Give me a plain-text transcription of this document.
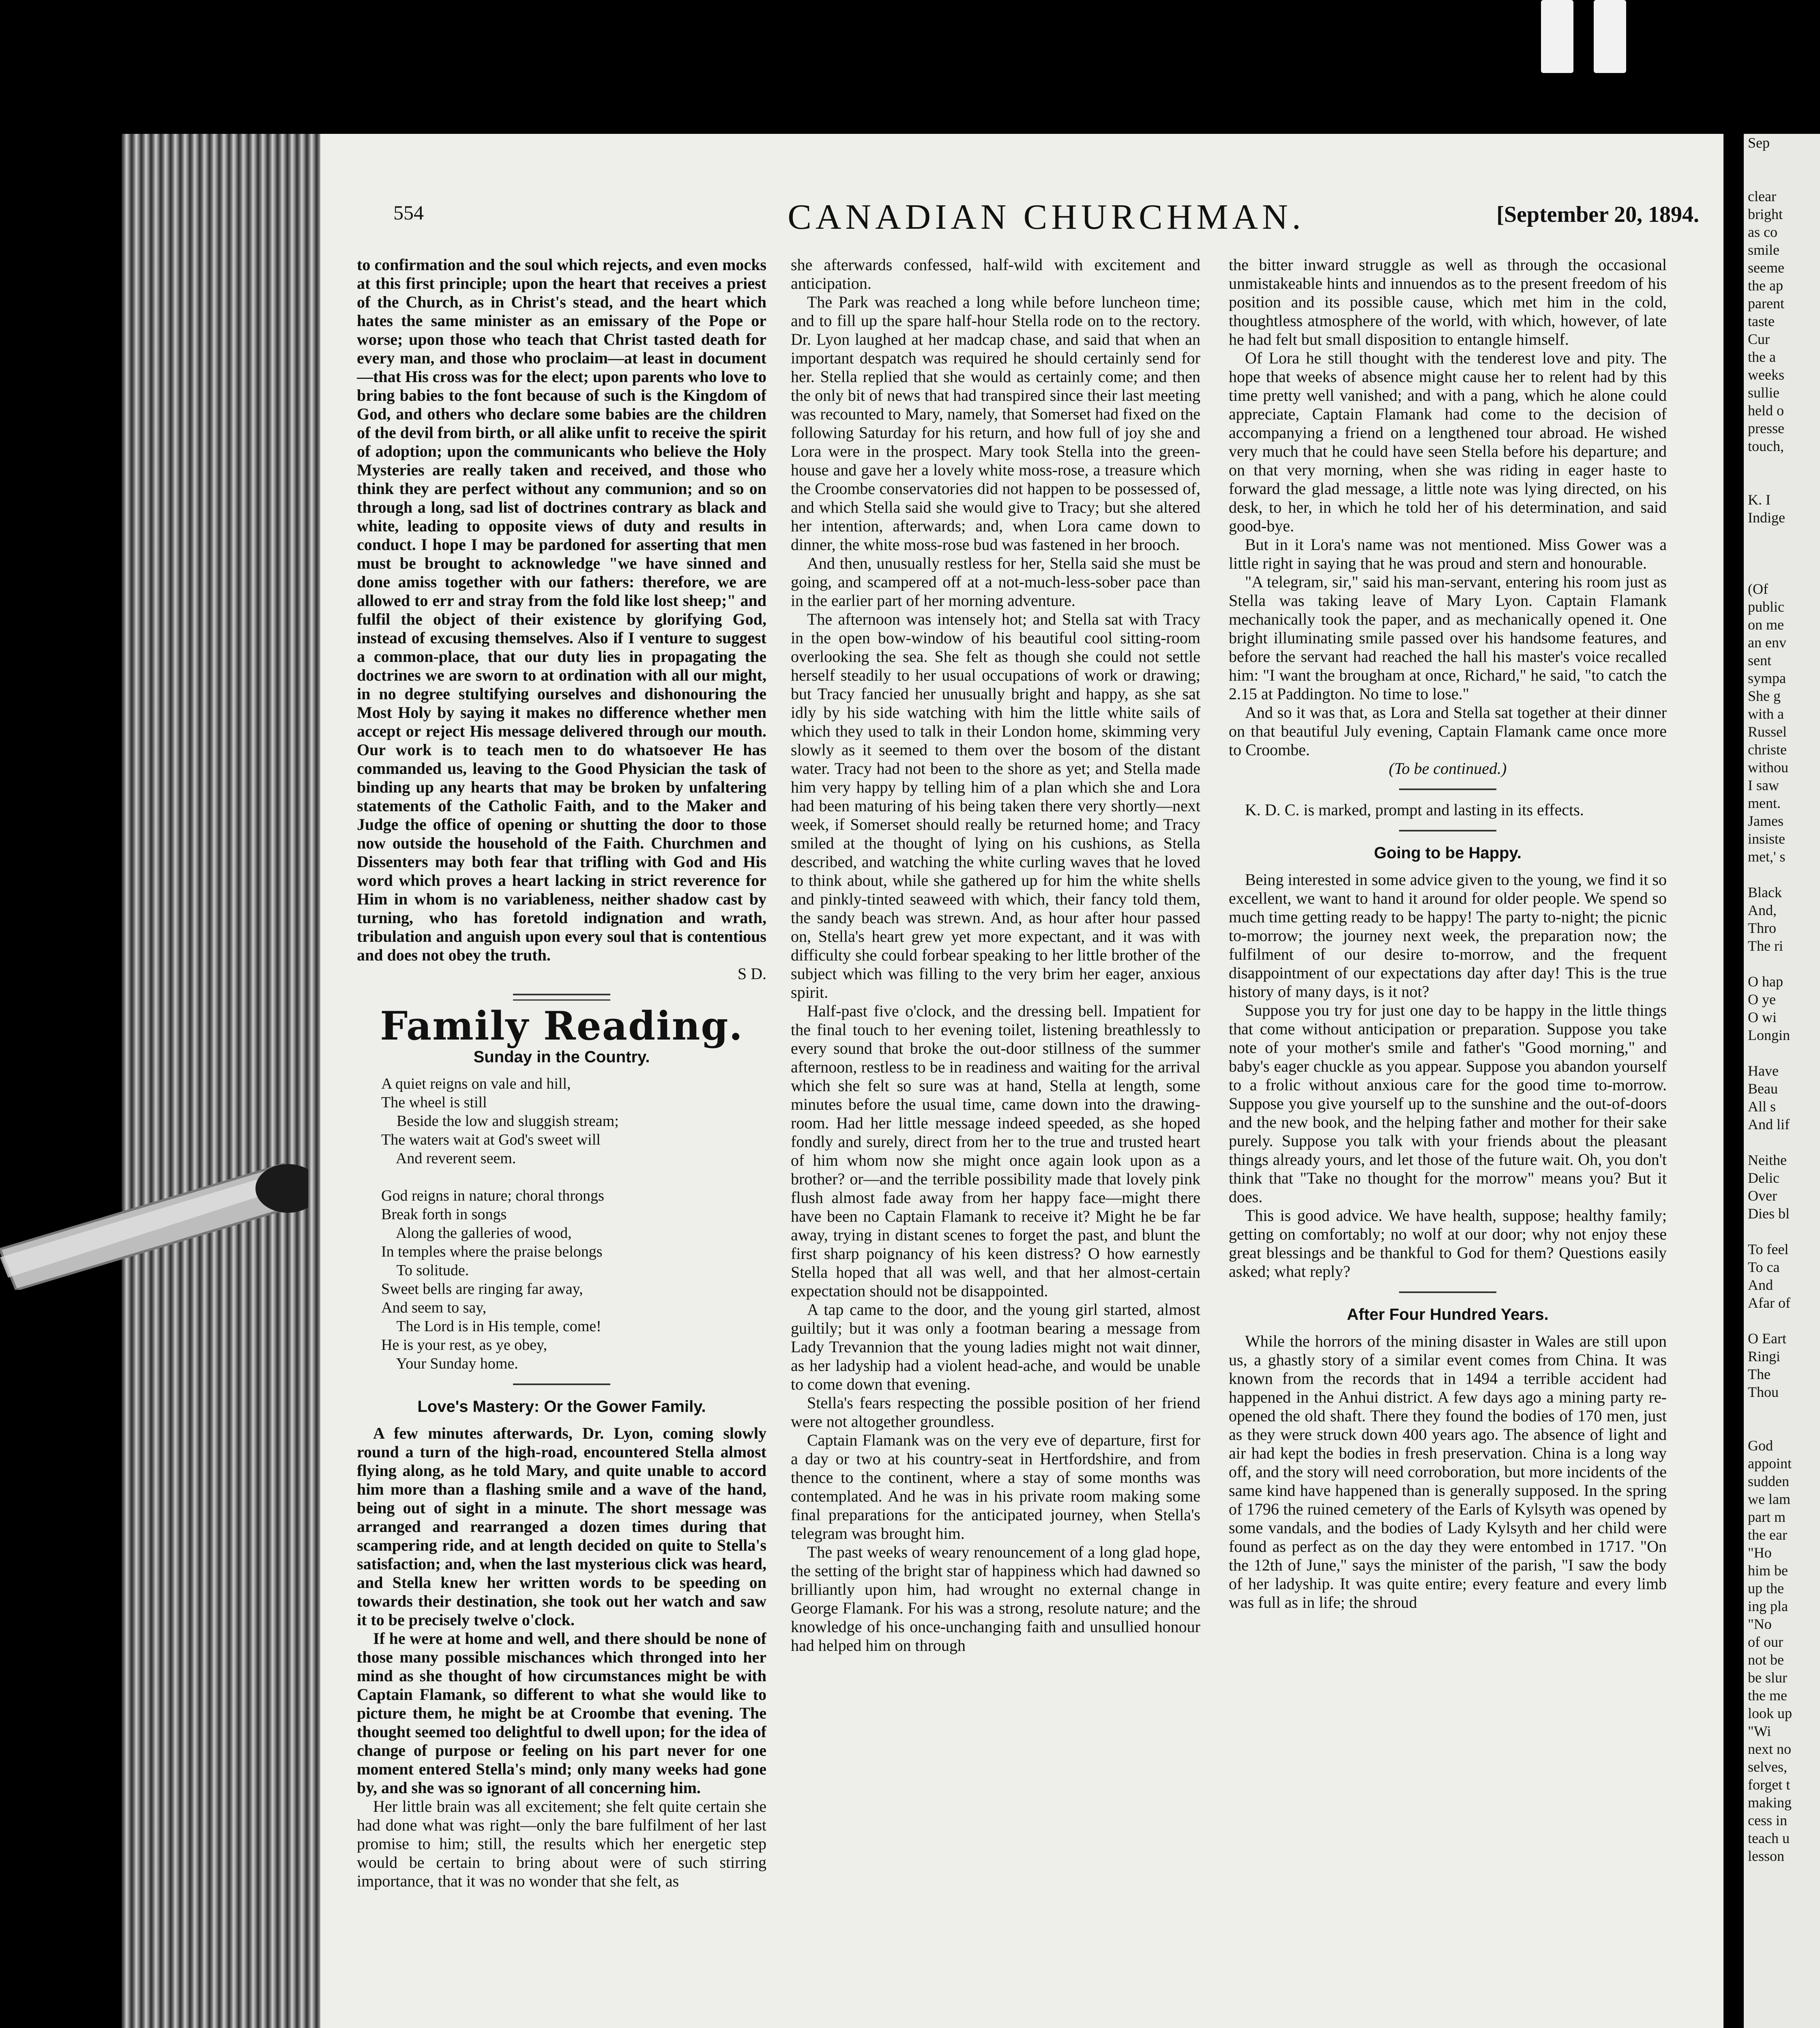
554	CANADIAN CHURCHMAN.	[September 20, 1894.

to confirmation and the soul which rejects, and even mocks at this first principle; upon the heart that receives a priest of the Church, as in Christ's stead, and the heart which hates the same minister as an emissary of the Pope or worse; upon those who teach that Christ tasted death for every man, and those who proclaim—at least in document—that His cross was for the elect; upon parents who love to bring babies to the font because of such is the Kingdom of God, and others who declare some babies are the children of the devil from birth, or all alike unfit to receive the spirit of adoption; upon the communicants who believe the Holy Mysteries are really taken and received, and those who think they are perfect without any communion; and so on through a long, sad list of doctrines contrary as black and white, leading to opposite views of duty and results in conduct. I hope I may be pardoned for asserting that men must be brought to acknowledge "we have sinned and done amiss together with our fathers: therefore, we are allowed to err and stray from the fold like lost sheep;" and fulfil the object of their existence by glorifying God, instead of excusing themselves. Also if I venture to suggest a common-place, that our duty lies in propagating the doctrines we are sworn to at ordination with all our might, in no degree stultifying ourselves and dishonouring the Most Holy by saying it makes no difference whether men accept or reject His message delivered through our mouth. Our work is to teach men to do whatsoever He has commanded us, leaving to the Good Physician the task of binding up any hearts that may be broken by unfaltering statements of the Catholic Faith, and to the Maker and Judge the office of opening or shutting the door to those now outside the household of the Faith. Churchmen and Dissenters may both fear that trifling with God and His word which proves a heart lacking in strict reverence for Him in whom is no variableness, neither shadow cast by turning, who has foretold indignation and wrath, tribulation and anguish upon every soul that is contentious and does not obey the truth.

S D.

Family Reading.
Sunday in the Country.
A quiet reigns on vale and hill,
The wheel is still
Beside the low and sluggish stream;
The waters wait at God's sweet will
And reverent seem.

God reigns in nature; choral throngs
Break forth in songs
Along the galleries of wood,
In temples where the praise belongs
To solitude.
Sweet bells are ringing far away,
And seem to say,
The Lord is in His temple, come!
He is your rest, as ye obey,
Your Sunday home.
Love's Mastery: Or the Gower Family.

A few minutes afterwards, Dr. Lyon, coming slowly round a turn of the high-road, encountered Stella almost flying along, as he told Mary, and quite unable to accord him more than a flashing smile and a wave of the hand, being out of sight in a minute. The short message was arranged and rearranged a dozen times during that scampering ride, and at length decided on quite to Stella's satisfaction; and, when the last mysterious click was heard, and Stella knew her written words to be speeding on towards their destination, she took out her watch and saw it to be precisely twelve o'clock.

If he were at home and well, and there should be none of those many possible mischances which thronged into her mind as she thought of how circumstances might be with Captain Flamank, so different to what she would like to picture them, he might be at Croombe that evening. The thought seemed too delightful to dwell upon; for the idea of change of purpose or feeling on his part never for one moment entered Stella's mind; only many weeks had gone by, and she was so ignorant of all concerning him.

Her little brain was all excitement; she felt quite certain she had done what was right—only the bare fulfilment of her last promise to him; still, the results which her energetic step would be certain to bring about were of such stirring importance, that it was no wonder that she felt, as

she afterwards confessed, half-wild with excitement and anticipation.

The Park was reached a long while before luncheon time; and to fill up the spare half-hour Stella rode on to the rectory. Dr. Lyon laughed at her madcap chase, and said that when an important despatch was required he should certainly send for her. Stella replied that she would as certainly come; and then the only bit of news that had transpired since their last meeting was recounted to Mary, namely, that Somerset had fixed on the following Saturday for his return, and how full of joy she and Lora were in the prospect. Mary took Stella into the green-house and gave her a lovely white moss-rose, a treasure which the Croombe conservatories did not happen to be possessed of, and which Stella said she would give to Tracy; but she altered her intention, afterwards; and, when Lora came down to dinner, the white moss-rose bud was fastened in her brooch.

And then, unusually restless for her, Stella said she must be going, and scampered off at a not-much-less-sober pace than in the earlier part of her morning adventure.

The afternoon was intensely hot; and Stella sat with Tracy in the open bow-window of his beautiful cool sitting-room overlooking the sea. She felt as though she could not settle herself steadily to her usual occupations of work or drawing; but Tracy fancied her unusually bright and happy, as she sat idly by his side watching with him the little white sails of which they used to talk in their London home, skimming very slowly as it seemed to them over the bosom of the distant water. Tracy had not been to the shore as yet; and Stella made him very happy by telling him of a plan which she and Lora had been maturing of his being taken there very shortly—next week, if Somerset should really be returned home; and Tracy smiled at the thought of lying on his cushions, as Stella described, and watching the white curling waves that he loved to think about, while she gathered up for him the white shells and pinkly-tinted seaweed with which, their fancy told them, the sandy beach was strewn. And, as hour after hour passed on, Stella's heart grew yet more expectant, and it was with difficulty she could forbear speaking to her little brother of the subject which was filling to the very brim her eager, anxious spirit.

Half-past five o'clock, and the dressing bell. Impatient for the final touch to her evening toilet, listening breathlessly to every sound that broke the out-door stillness of the summer afternoon, restless to be in readiness and waiting for the arrival which she felt so sure was at hand, Stella at length, some minutes before the usual time, came down into the drawing-room. Had her little message indeed speeded, as she hoped fondly and surely, direct from her to the true and trusted heart of him whom now she might once again look upon as a brother? or—and the terrible possibility made that lovely pink flush almost fade away from her happy face—might there have been no Captain Flamank to receive it? Might he be far away, trying in distant scenes to forget the past, and blunt the first sharp poignancy of his keen distress? O how earnestly Stella hoped that all was well, and that her almost-certain expectation should not be disappointed.

A tap came to the door, and the young girl started, almost guiltily; but it was only a footman bearing a message from Lady Trevannion that the young ladies might not wait dinner, as her ladyship had a violent head-ache, and would be unable to come down that evening.

Stella's fears respecting the possible position of her friend were not altogether groundless.

Captain Flamank was on the very eve of departure, first for a day or two at his country-seat in Hertfordshire, and from thence to the continent, where a stay of some months was contemplated. And he was in his private room making some final preparations for the anticipated journey, when Stella's telegram was brought him.

The past weeks of weary renouncement of a long glad hope, the setting of the bright star of happiness which had dawned so brilliantly upon him, had wrought no external change in George Flamank. For his was a strong, resolute nature; and the knowledge of his once-unchanging faith and unsullied honour had helped him on through

the bitter inward struggle as well as through the occasional unmistakeable hints and innuendos as to the present freedom of his position and its possible cause, which met him in the cold, thoughtless atmosphere of the world, with which, however, of late he had felt but small disposition to entangle himself.

Of Lora he still thought with the tenderest love and pity. The hope that weeks of absence might cause her to relent had by this time pretty well vanished; and with a pang, which he alone could appreciate, Captain Flamank had come to the decision of accompanying a friend on a lengthened tour abroad. He wished very much that he could have seen Stella before his departure; and on that very morning, when she was riding in eager haste to forward the glad message, a little note was lying directed, on his desk, to her, in which he told her of his determination, and said good-bye.

But in it Lora's name was not mentioned. Miss Gower was a little right in saying that he was proud and stern and honourable.

"A telegram, sir," said his man-servant, entering his room just as Stella was taking leave of Mary Lyon. Captain Flamank mechanically took the paper, and as mechanically opened it. One bright illuminating smile passed over his handsome features, and before the servant had reached the hall his master's voice recalled him: "I want the brougham at once, Richard," he said, "to catch the 2.15 at Paddington. No time to lose."

And so it was that, as Lora and Stella sat together at their dinner on that beautiful July evening, Captain Flamank came once more to Croombe.

(To be continued.)

K. D. C. is marked, prompt and lasting in its effects.

Going to be Happy.

Being interested in some advice given to the young, we find it so excellent, we want to hand it around for older people. We spend so much time getting ready to be happy! The party to-night; the picnic to-morrow; the journey next week, the preparation now; the fulfilment of our desire to-morrow, and the frequent disappointment of our expectations day after day! This is the true history of many days, is it not?

Suppose you try for just one day to be happy in the little things that come without anticipation or preparation. Suppose you take note of your mother's smile and father's "Good morning," and baby's eager chuckle as you appear. Suppose you abandon yourself to a frolic without anxious care for the good time to-morrow. Suppose you give yourself up to the sunshine and the out-of-doors and the new book, and the helping father and mother for their sake purely. Suppose you talk with your friends about the pleasant things already yours, and let those of the future wait. Oh, you don't think that "Take no thought for the morrow" means you? But it does.

This is good advice. We have health, suppose; healthy family; getting on comfortably; no wolf at our door; why not enjoy these great blessings and be thankful to God for them? Questions easily asked; what reply?

After Four Hundred Years.

While the horrors of the mining disaster in Wales are still upon us, a ghastly story of a similar event comes from China. It was known from the records that in 1494 a terrible accident had happened in the Anhui district. A few days ago a mining party re-opened the old shaft. There they found the bodies of 170 men, just as they were struck down 400 years ago. The absence of light and air had kept the bodies in fresh preservation. China is a long way off, and the story will need corroboration, but more incidents of the same kind have happened than is generally supposed. In the spring of 1796 the ruined cemetery of the Earls of Kylsyth was opened by some vandals, and the bodies of Lady Kylsyth and her child were found as perfect as on the day they were entombed in 1717. "On the 12th of June," says the minister of the parish, "I saw the body of her ladyship. It was quite entire; every feature and every limb was full as in life; the shroud

Sep

clear
bright
as co
smile
seeme
the ap
parent
taste
Cur
the a
weeks
sullie
held o
presse
touch,

K. I
Indige

(Of
public
on me
an env
sent
sympa
She g
with a
Russel
christe
withou
I saw
ment.
James
insiste
met,' s

Black
And,
Thro
The ri

O hap
O ye
O wi
Longin

Have
Beau
All s
And lif

Neithe
Delic
Over
Dies bl

To feel
To ca
And
Afar of

O Eart
Ringi
The
Thou

God
appoint
sudden
we lam
part m
the ear
"Ho
him be
up the
ing pla
"No
of our
not be
be slur
the me
look up
"Wi
next no
selves,
forget t
making
cess in
teach u
lesson
